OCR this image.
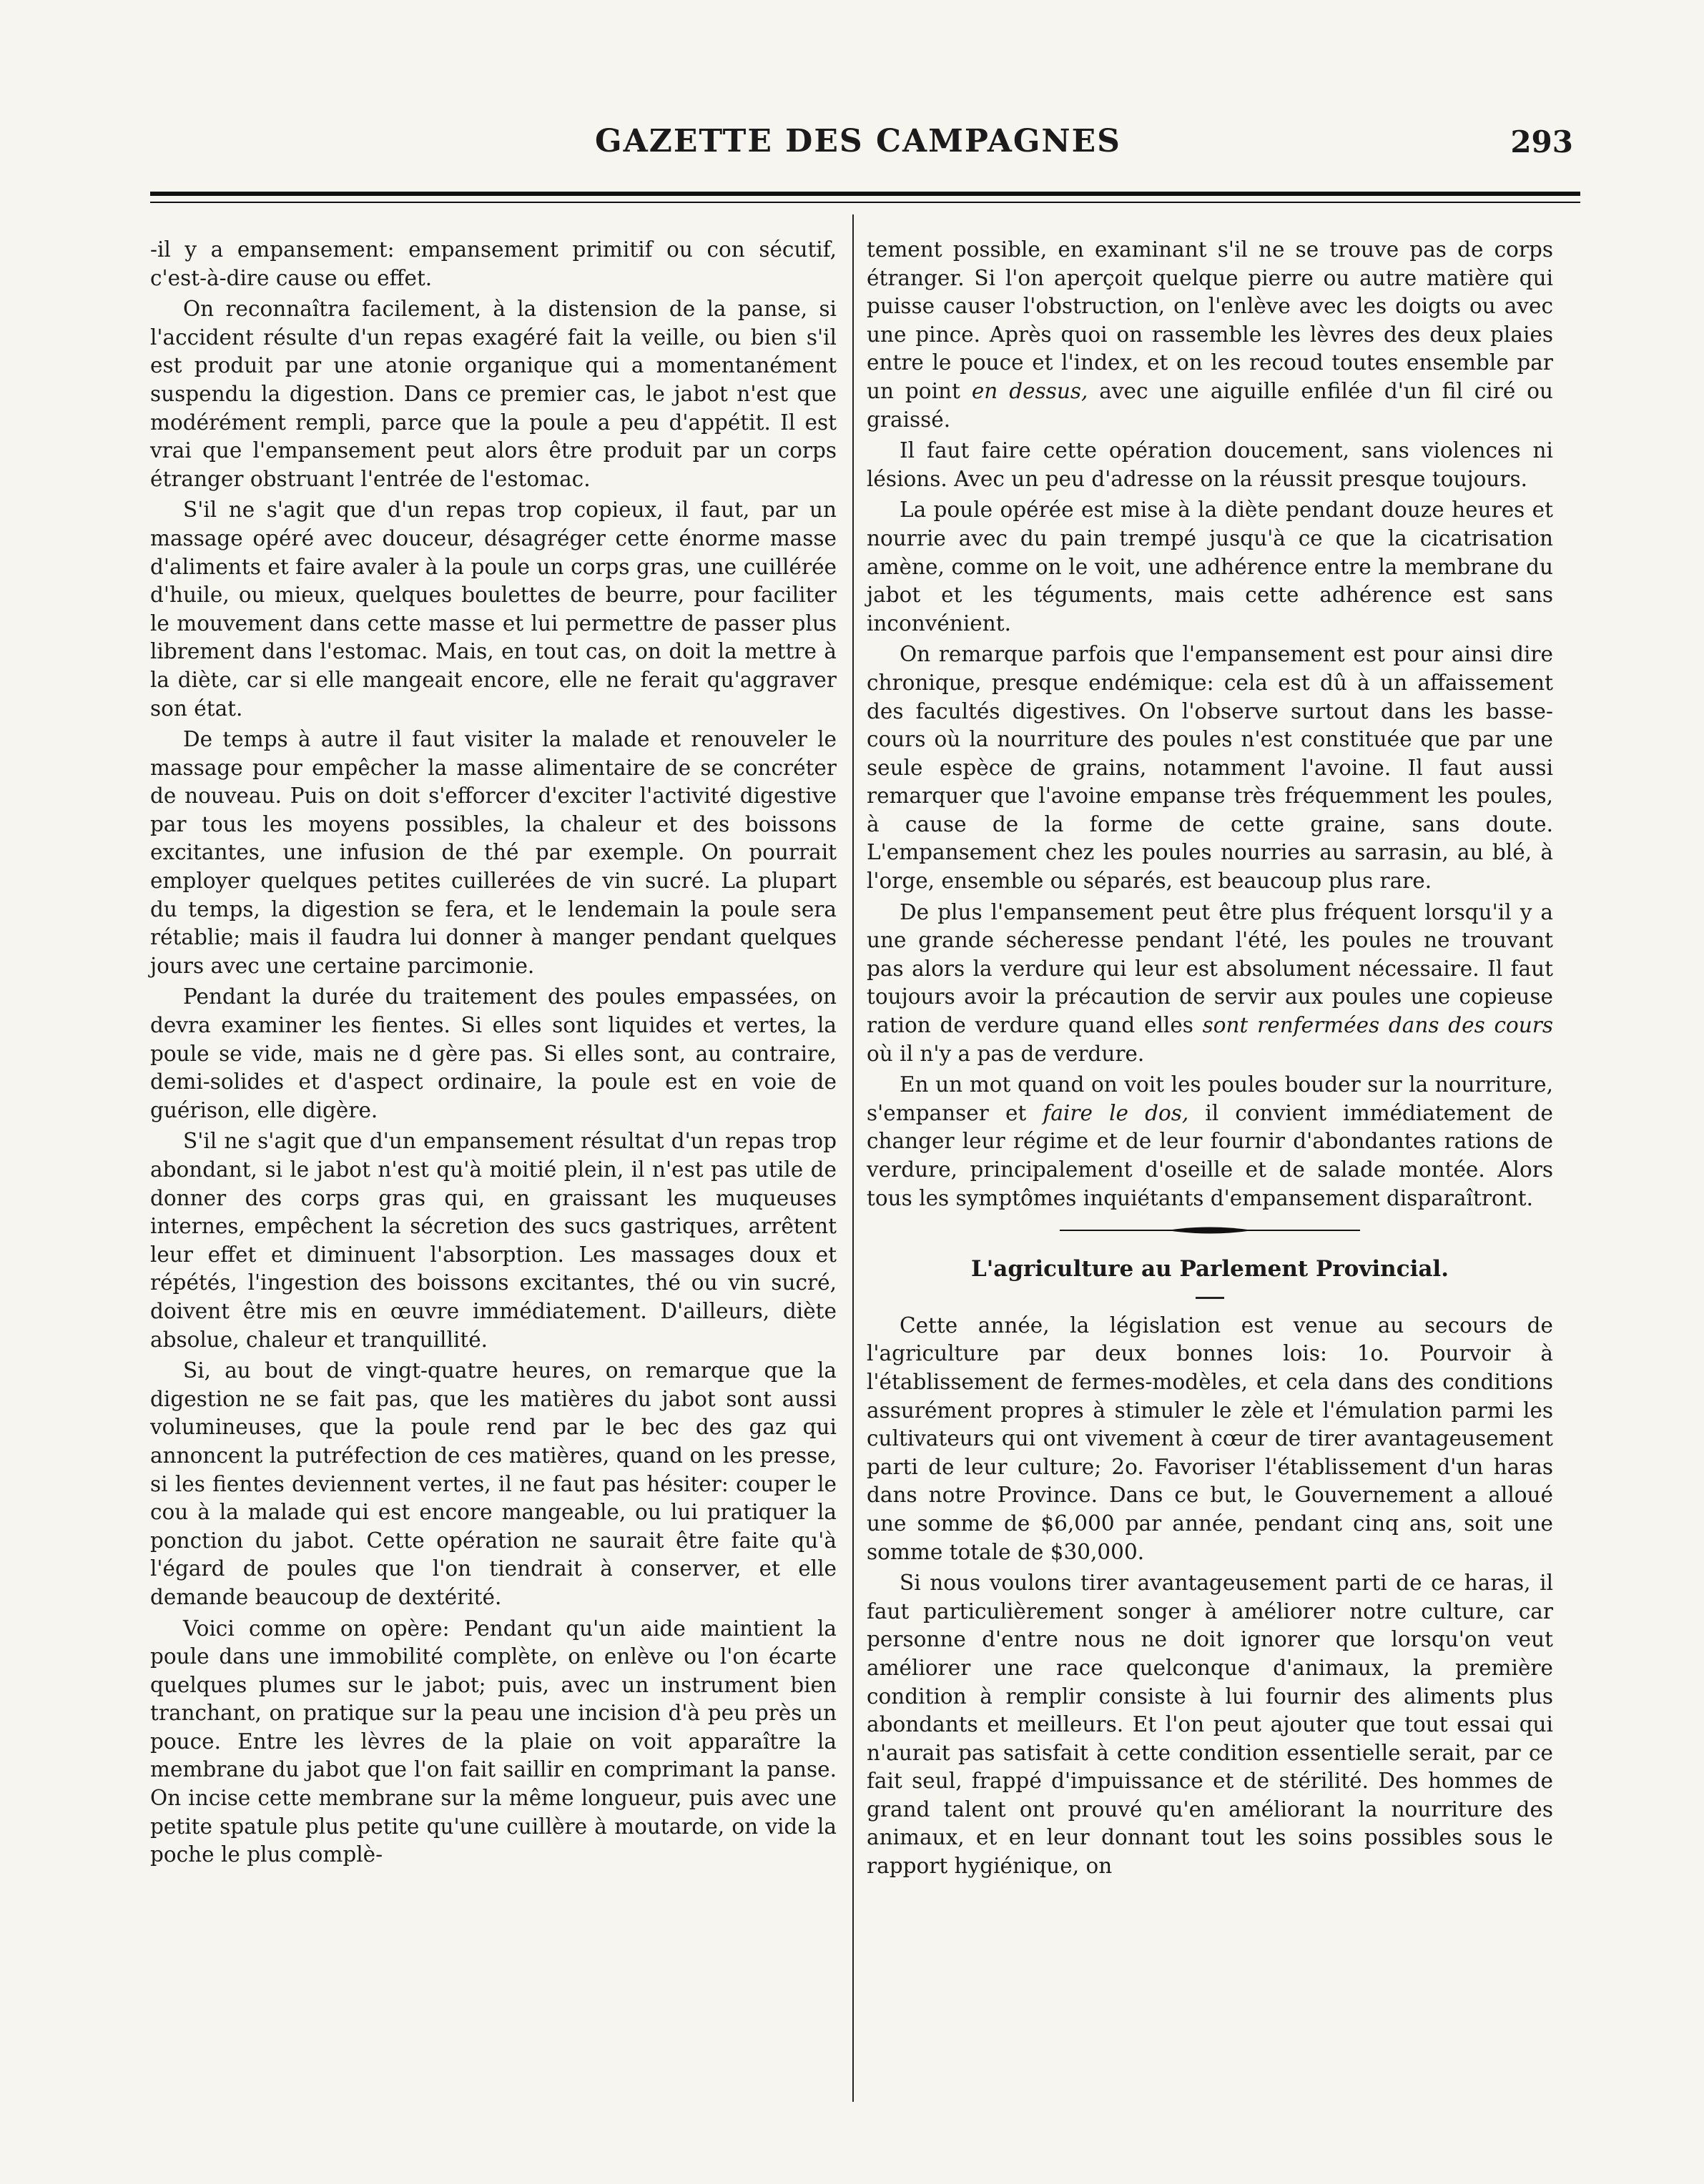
GAZETTE DES CAMPAGNES	293

-il y a empansement: empansement primitif ou con sécutif, c'est-à-dire cause ou effet.

On reconnaîtra facilement, à la distension de la panse, si l'accident résulte d'un repas exagéré fait la veille, ou bien s'il est produit par une atonie organique qui a momentanément suspendu la digestion. Dans ce premier cas, le jabot n'est que modérément rempli, parce que la poule a peu d'appétit. Il est vrai que l'empansement peut alors être produit par un corps étranger obstruant l'entrée de l'estomac.

S'il ne s'agit que d'un repas trop copieux, il faut, par un massage opéré avec douceur, désagréger cette énorme masse d'aliments et faire avaler à la poule un corps gras, une cuillérée d'huile, ou mieux, quelques boulettes de beurre, pour faciliter le mouvement dans cette masse et lui permettre de passer plus librement dans l'estomac. Mais, en tout cas, on doit la mettre à la diète, car si elle mangeait encore, elle ne ferait qu'aggraver son état.

De temps à autre il faut visiter la malade et renouveler le massage pour empêcher la masse alimentaire de se concréter de nouveau. Puis on doit s'efforcer d'exciter l'activité digestive par tous les moyens possibles, la chaleur et des boissons excitantes, une infusion de thé par exemple. On pourrait employer quelques petites cuillerées de vin sucré. La plupart du temps, la digestion se fera, et le lendemain la poule sera rétablie; mais il faudra lui donner à manger pendant quelques jours avec une certaine parcimonie.

Pendant la durée du traitement des poules empassées, on devra examiner les fientes. Si elles sont liquides et vertes, la poule se vide, mais ne d gère pas. Si elles sont, au contraire, demi-solides et d'aspect ordinaire, la poule est en voie de guérison, elle digère.

S'il ne s'agit que d'un empansement résultat d'un repas trop abondant, si le jabot n'est qu'à moitié plein, il n'est pas utile de donner des corps gras qui, en graissant les muqueuses internes, empêchent la sécretion des sucs gastriques, arrêtent leur effet et diminuent l'absorption. Les massages doux et répétés, l'ingestion des boissons excitantes, thé ou vin sucré, doivent être mis en œuvre immédiatement. D'ailleurs, diète absolue, chaleur et tranquillité.

Si, au bout de vingt-quatre heures, on remarque que la digestion ne se fait pas, que les matières du jabot sont aussi volumineuses, que la poule rend par le bec des gaz qui annoncent la putréfection de ces matières, quand on les presse, si les fientes deviennent vertes, il ne faut pas hésiter: couper le cou à la malade qui est encore mangeable, ou lui pratiquer la ponction du jabot. Cette opération ne saurait être faite qu'à l'égard de poules que l'on tiendrait à conserver, et elle demande beaucoup de dextérité.

Voici comme on opère: Pendant qu'un aide maintient la poule dans une immobilité complète, on enlève ou l'on écarte quelques plumes sur le jabot; puis, avec un instrument bien tranchant, on pratique sur la peau une incision d'à peu près un pouce. Entre les lèvres de la plaie on voit apparaître la membrane du jabot que l'on fait saillir en comprimant la panse. On incise cette membrane sur la même longueur, puis avec une petite spatule plus petite qu'une cuillère à moutarde, on vide la poche le plus complè-

tement possible, en examinant s'il ne se trouve pas de corps étranger. Si l'on aperçoit quelque pierre ou autre matière qui puisse causer l'obstruction, on l'enlève avec les doigts ou avec une pince. Après quoi on rassemble les lèvres des deux plaies entre le pouce et l'index, et on les recoud toutes ensemble par un point en dessus, avec une aiguille enfilée d'un fil ciré ou graissé.

Il faut faire cette opération doucement, sans violences ni lésions. Avec un peu d'adresse on la réussit presque toujours.

La poule opérée est mise à la diète pendant douze heures et nourrie avec du pain trempé jusqu'à ce que la cicatrisation amène, comme on le voit, une adhérence entre la membrane du jabot et les téguments, mais cette adhérence est sans inconvénient.

On remarque parfois que l'empansement est pour ainsi dire chronique, presque endémique: cela est dû à un affaissement des facultés digestives. On l'observe surtout dans les basse-cours où la nourriture des poules n'est constituée que par une seule espèce de grains, notamment l'avoine. Il faut aussi remarquer que l'avoine empanse très fréquemment les poules, à cause de la forme de cette graine, sans doute. L'empansement chez les poules nourries au sarrasin, au blé, à l'orge, ensemble ou séparés, est beaucoup plus rare.

De plus l'empansement peut être plus fréquent lorsqu'il y a une grande sécheresse pendant l'été, les poules ne trouvant pas alors la verdure qui leur est absolument nécessaire. Il faut toujours avoir la précaution de servir aux poules une copieuse ration de verdure quand elles sont renfermées dans des cours où il n'y a pas de verdure.

En un mot quand on voit les poules bouder sur la nourriture, s'empanser et faire le dos, il convient immédiatement de changer leur régime et de leur fournir d'abondantes rations de verdure, principalement d'oseille et de salade montée. Alors tous les symptômes inquiétants d'empansement disparaîtront.

L'agriculture au Parlement Provincial.

Cette année, la législation est venue au secours de l'agriculture par deux bonnes lois: 1o. Pourvoir à l'établissement de fermes-modèles, et cela dans des conditions assurément propres à stimuler le zèle et l'émulation parmi les cultivateurs qui ont vivement à cœur de tirer avantageusement parti de leur culture; 2o. Favoriser l'établissement d'un haras dans notre Province. Dans ce but, le Gouvernement a alloué une somme de $6,000 par année, pendant cinq ans, soit une somme totale de $30,000.

Si nous voulons tirer avantageusement parti de ce haras, il faut particulièrement songer à améliorer notre culture, car personne d'entre nous ne doit ignorer que lorsqu'on veut améliorer une race quelconque d'animaux, la première condition à remplir consiste à lui fournir des aliments plus abondants et meilleurs. Et l'on peut ajouter que tout essai qui n'aurait pas satisfait à cette condition essentielle serait, par ce fait seul, frappé d'impuissance et de stérilité. Des hommes de grand talent ont prouvé qu'en améliorant la nourriture des animaux, et en leur donnant tout les soins possibles sous le rapport hygiénique, on
